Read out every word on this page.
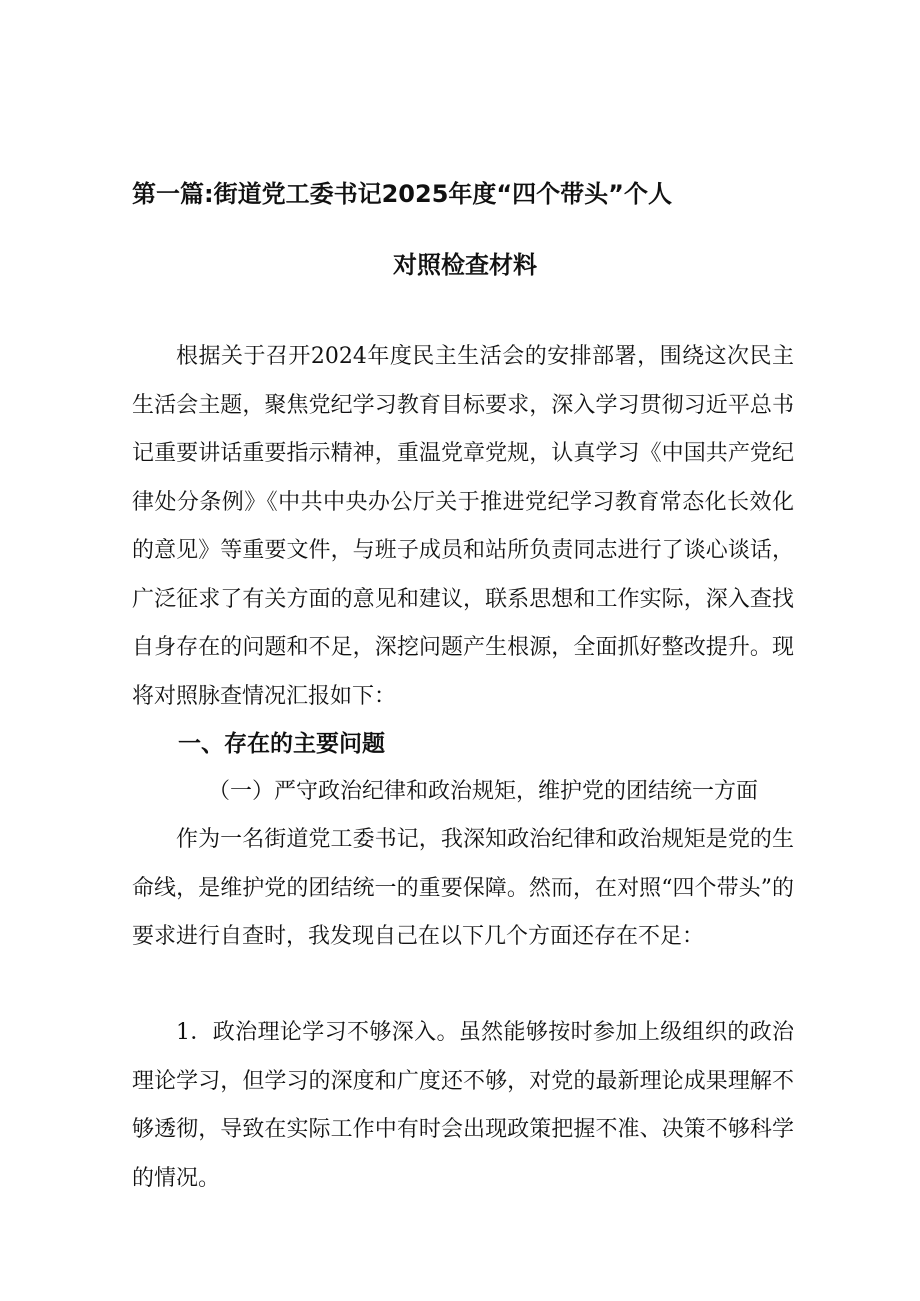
第一篇:街道党工委书记2025年度“四个带头”个人
对照检查材料

根据关于召开2024年度民主生活会的安排部署，围绕这次民主生活会主题，聚焦党纪学习教育目标要求，深入学习贯彻习近平总书记重要讲话重要指示精神，重温党章党规，认真学习《中国共产党纪律处分条例》《中共中央办公厅关于推进党纪学习教育常态化长效化的意见》等重要文件，与班子成员和站所负责同志进行了谈心谈话，广泛征求了有关方面的意见和建议，联系思想和工作实际，深入查找自身存在的问题和不足，深挖问题产生根源，全面抓好整改提升。现将对照脉查情况汇报如下：

一、存在的主要问题
（一）严守政治纪律和政治规矩，维护党的团结统一方面

作为一名街道党工委书记，我深知政治纪律和政治规矩是党的生命线，是维护党的团结统一的重要保障。然而，在对照“四个带头”的要求进行自查时，我发现自己在以下几个方面还存在不足：

1．政治理论学习不够深入。虽然能够按时参加上级组织的政治理论学习，但学习的深度和广度还不够，对党的最新理论成果理解不够透彻，导致在实际工作中有时会出现政策把握不准、决策不够科学的情况。
